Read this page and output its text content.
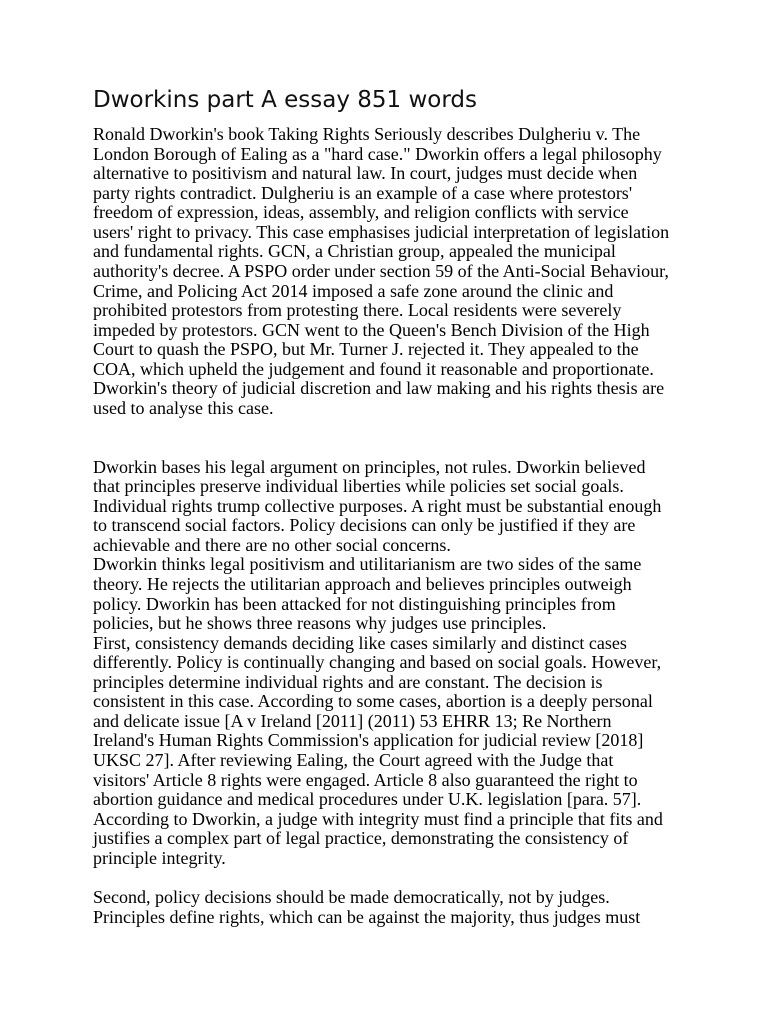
Dworkins part A essay 851 words
Ronald Dworkin's book Taking Rights Seriously describes Dulgheriu v. The
London Borough of Ealing as a "hard case." Dworkin offers a legal philosophy
alternative to positivism and natural law. In court, judges must decide when
party rights contradict. Dulgheriu is an example of a case where protestors'
freedom of expression, ideas, assembly, and religion conflicts with service
users' right to privacy. This case emphasises judicial interpretation of legislation
and fundamental rights. GCN, a Christian group, appealed the municipal
authority's decree. A PSPO order under section 59 of the Anti-Social Behaviour,
Crime, and Policing Act 2014 imposed a safe zone around the clinic and
prohibited protestors from protesting there. Local residents were severely
impeded by protestors. GCN went to the Queen's Bench Division of the High
Court to quash the PSPO, but Mr. Turner J. rejected it. They appealed to the
COA, which upheld the judgement and found it reasonable and proportionate.
Dworkin's theory of judicial discretion and law making and his rights thesis are
used to analyse this case.
Dworkin bases his legal argument on principles, not rules. Dworkin believed
that principles preserve individual liberties while policies set social goals.
Individual rights trump collective purposes. A right must be substantial enough
to transcend social factors. Policy decisions can only be justified if they are
achievable and there are no other social concerns.
Dworkin thinks legal positivism and utilitarianism are two sides of the same
theory. He rejects the utilitarian approach and believes principles outweigh
policy. Dworkin has been attacked for not distinguishing principles from
policies, but he shows three reasons why judges use principles.
First, consistency demands deciding like cases similarly and distinct cases
differently. Policy is continually changing and based on social goals. However,
principles determine individual rights and are constant. The decision is
consistent in this case. According to some cases, abortion is a deeply personal
and delicate issue [A v Ireland [2011] (2011) 53 EHRR 13; Re Northern
Ireland's Human Rights Commission's application for judicial review [2018]
UKSC 27]. After reviewing Ealing, the Court agreed with the Judge that
visitors' Article 8 rights were engaged. Article 8 also guaranteed the right to
abortion guidance and medical procedures under U.K. legislation [para. 57].
According to Dworkin, a judge with integrity must find a principle that fits and
justifies a complex part of legal practice, demonstrating the consistency of
principle integrity.
Second, policy decisions should be made democratically, not by judges.
Principles define rights, which can be against the majority, thus judges must
